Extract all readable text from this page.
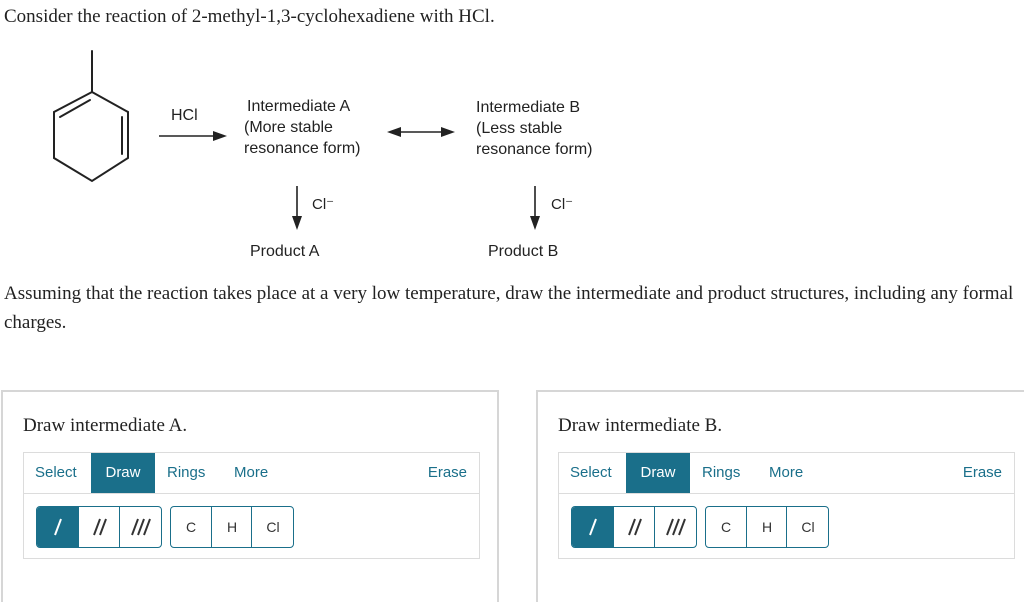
Consider the reaction of 2-methyl-1,3-cyclohexadiene with HCl.
HCl
Intermediate A
(More stable
resonance form)
Intermediate B
(Less stable
resonance form)
Cl⁻	Cl⁻
Product A	Product B
Assuming that the reaction takes place at a very low temperature, draw the intermediate and product structures, including any formal charges.
Draw intermediate A.
Select	Draw	Rings More	Erase
C	H	Cl
Draw intermediate B.
Select	Draw	Rings More	Erase
C	H	Cl
